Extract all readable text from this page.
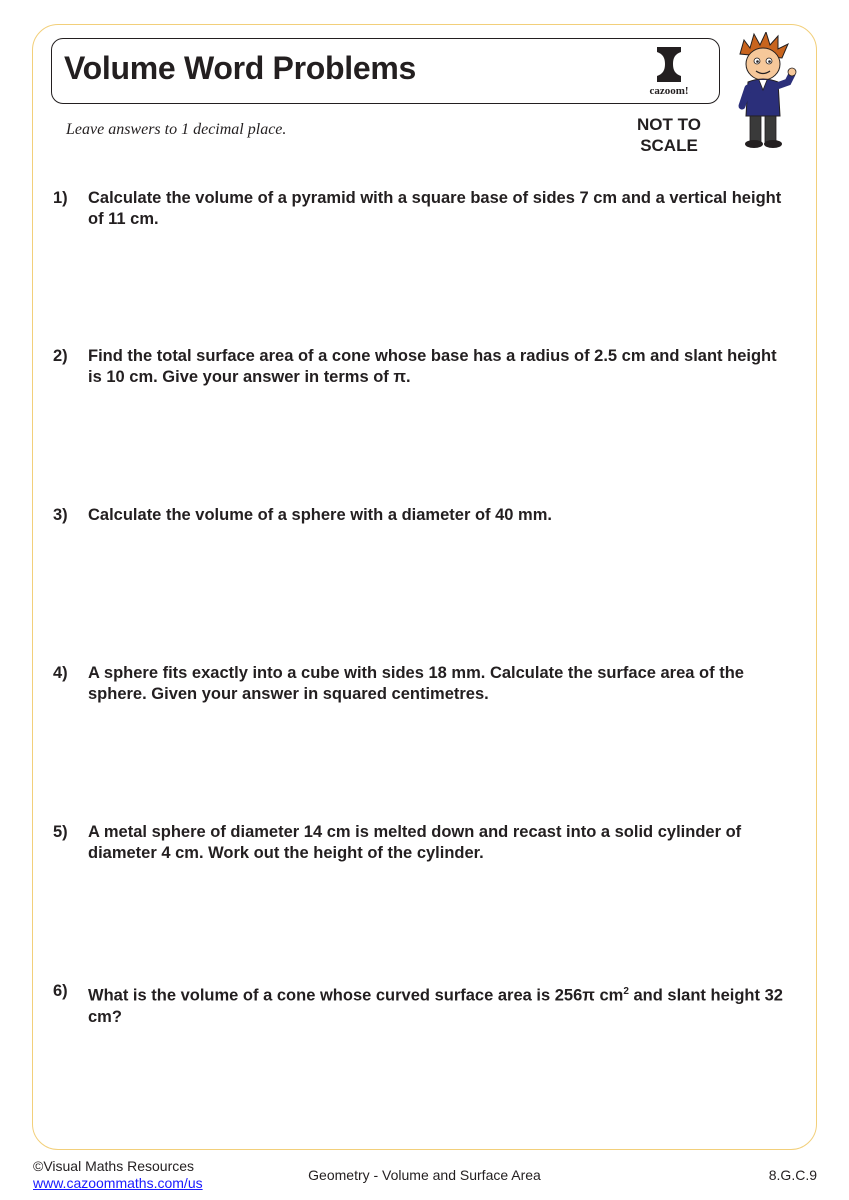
Volume Word Problems
cazoom!
Leave answers to 1 decimal place.	NOT TO
SCALE
1) Calculate the volume of a pyramid with a square base of sides 7 cm and a vertical height of 11 cm.
2) Find the total surface area of a cone whose base has a radius of 2.5 cm and slant height is 10 cm. Give your answer in terms of π.
3) Calculate the volume of a sphere with a diameter of 40 mm.
4) A sphere fits exactly into a cube with sides 18 mm. Calculate the surface area of the sphere. Given your answer in squared centimetres.
5) A metal sphere of diameter 14 cm is melted down and recast into a solid cylinder of diameter 4 cm. Work out the height of the cylinder.
6) What is the volume of a cone whose curved surface area is 256π $cm^2$ and slant height 32 cm?
©Visual Maths Resources
www.cazoommaths.com/us	Geometry - Volume and Surface Area	8.G.C.9
